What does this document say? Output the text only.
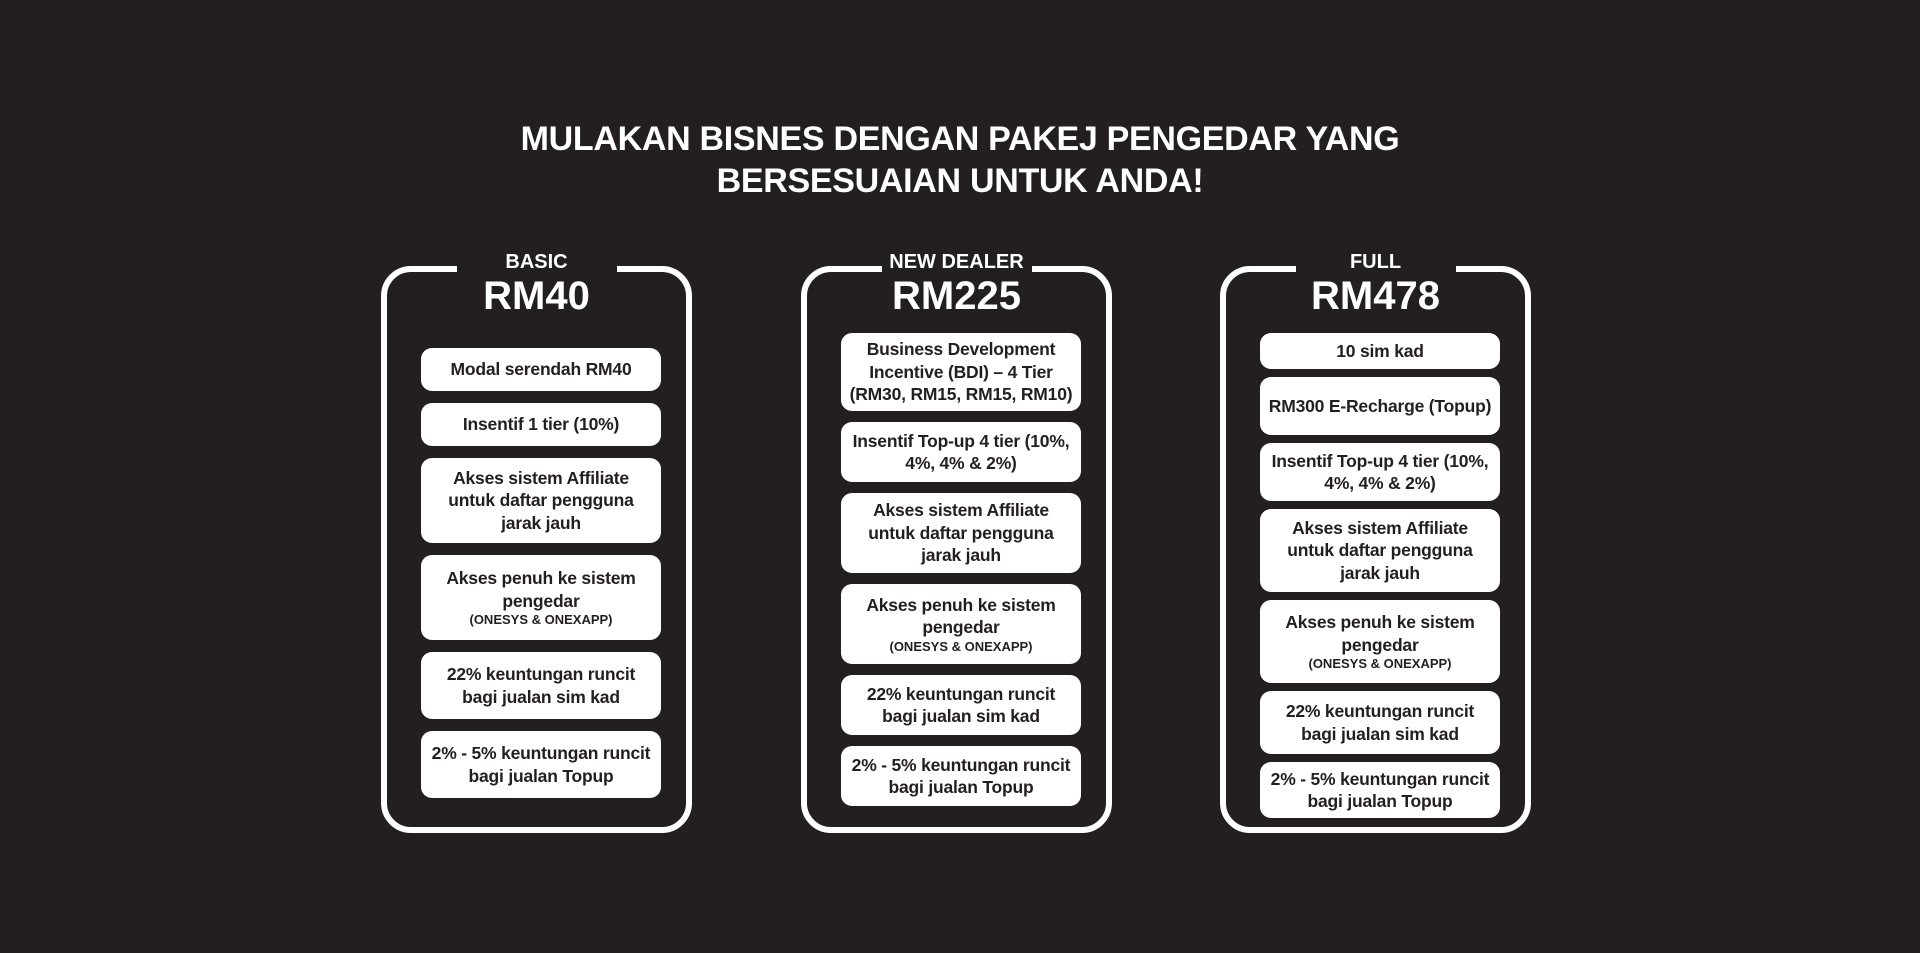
MULAKAN BISNES DENGAN PAKEJ PENGEDAR YANG
BERSESUAIAN UNTUK ANDA!
BASIC
RM40
Modal serendah RM40
Insentif 1 tier (10%)
Akses sistem Affiliate untuk daftar pengguna jarak jauh
Akses penuh ke sistem pengedar
(ONESYS & ONEXAPP)
22% keuntungan runcit bagi jualan sim kad
2% - 5% keuntungan runcit bagi jualan Topup
NEW DEALER
RM225
Business Development Incentive (BDI) – 4 Tier (RM30, RM15, RM15, RM10)
Insentif Top-up 4 tier (10%, 4%, 4% & 2%)
Akses sistem Affiliate untuk daftar pengguna jarak jauh
Akses penuh ke sistem pengedar
(ONESYS & ONEXAPP)
22% keuntungan runcit bagi jualan sim kad
2% - 5% keuntungan runcit bagi jualan Topup
FULL
RM478
10 sim kad
RM300 E-Recharge (Topup)
Insentif Top-up 4 tier (10%, 4%, 4% & 2%)
Akses sistem Affiliate untuk daftar pengguna jarak jauh
Akses penuh ke sistem pengedar
(ONESYS & ONEXAPP)
22% keuntungan runcit bagi jualan sim kad
2% - 5% keuntungan runcit bagi jualan Topup
